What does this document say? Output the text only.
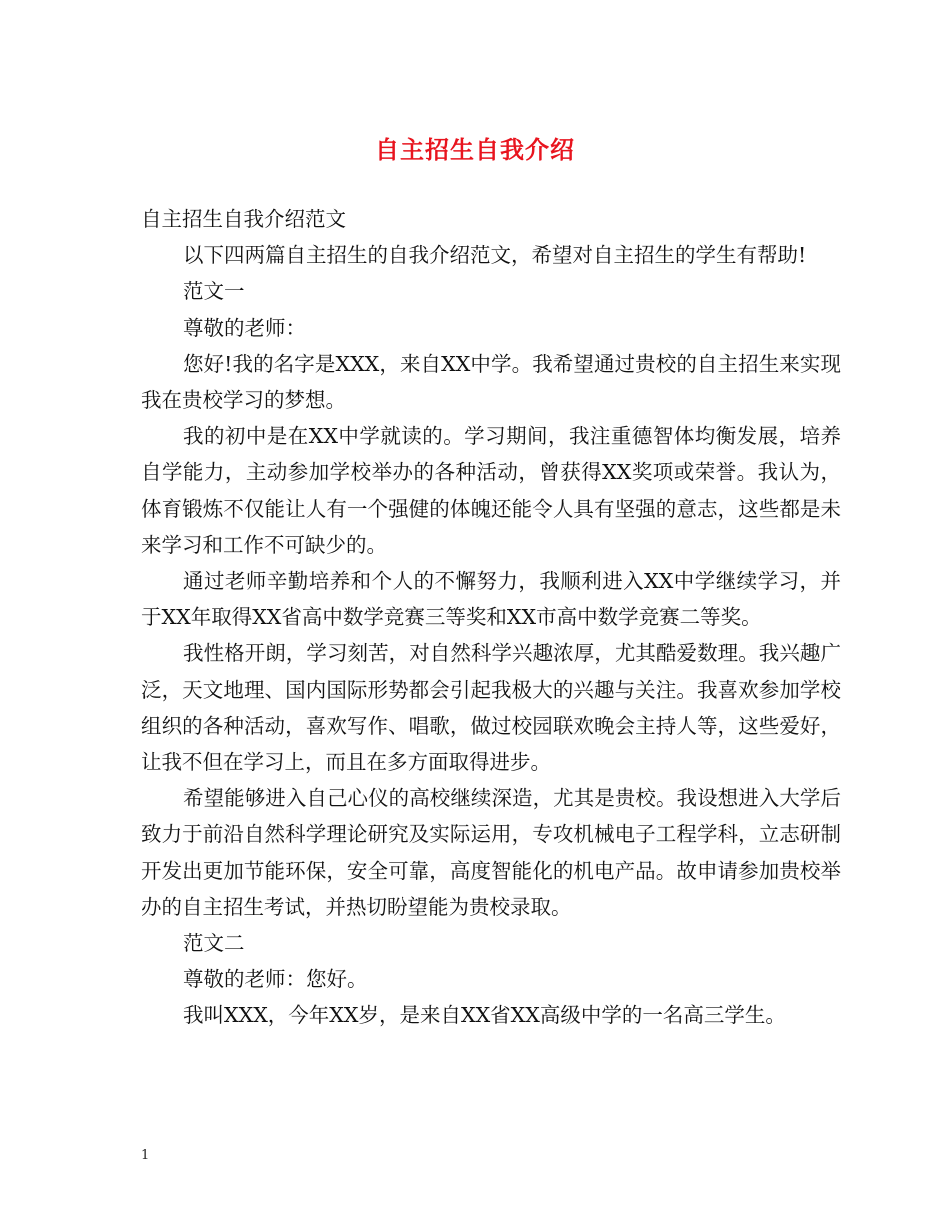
自主招生自我介绍

自主招生自我介绍范文

以下四两篇自主招生的自我介绍范文，希望对自主招生的学生有帮助!

范文一

尊敬的老师：

您好!我的名字是XXX，来自XX中学。我希望通过贵校的自主招生来实现我在贵校学习的梦想。

我的初中是在XX中学就读的。学习期间，我注重德智体均衡发展，培养自学能力，主动参加学校举办的各种活动，曾获得XX奖项或荣誉。我认为，体育锻炼不仅能让人有一个强健的体魄还能令人具有坚强的意志，这些都是未来学习和工作不可缺少的。

通过老师辛勤培养和个人的不懈努力，我顺利进入XX中学继续学习，并于XX年取得XX省高中数学竞赛三等奖和XX市高中数学竞赛二等奖。

我性格开朗，学习刻苦，对自然科学兴趣浓厚，尤其酷爱数理。我兴趣广泛，天文地理、国内国际形势都会引起我极大的兴趣与关注。我喜欢参加学校组织的各种活动，喜欢写作、唱歌，做过校园联欢晚会主持人等，这些爱好，让我不但在学习上，而且在多方面取得进步。

希望能够进入自己心仪的高校继续深造，尤其是贵校。我设想进入大学后致力于前沿自然科学理论研究及实际运用，专攻机械电子工程学科，立志研制开发出更加节能环保，安全可靠，高度智能化的机电产品。故申请参加贵校举办的自主招生考试，并热切盼望能为贵校录取。

范文二

尊敬的老师：您好。

我叫XXX，今年XX岁，是来自XX省XX高级中学的一名高三学生。

1
